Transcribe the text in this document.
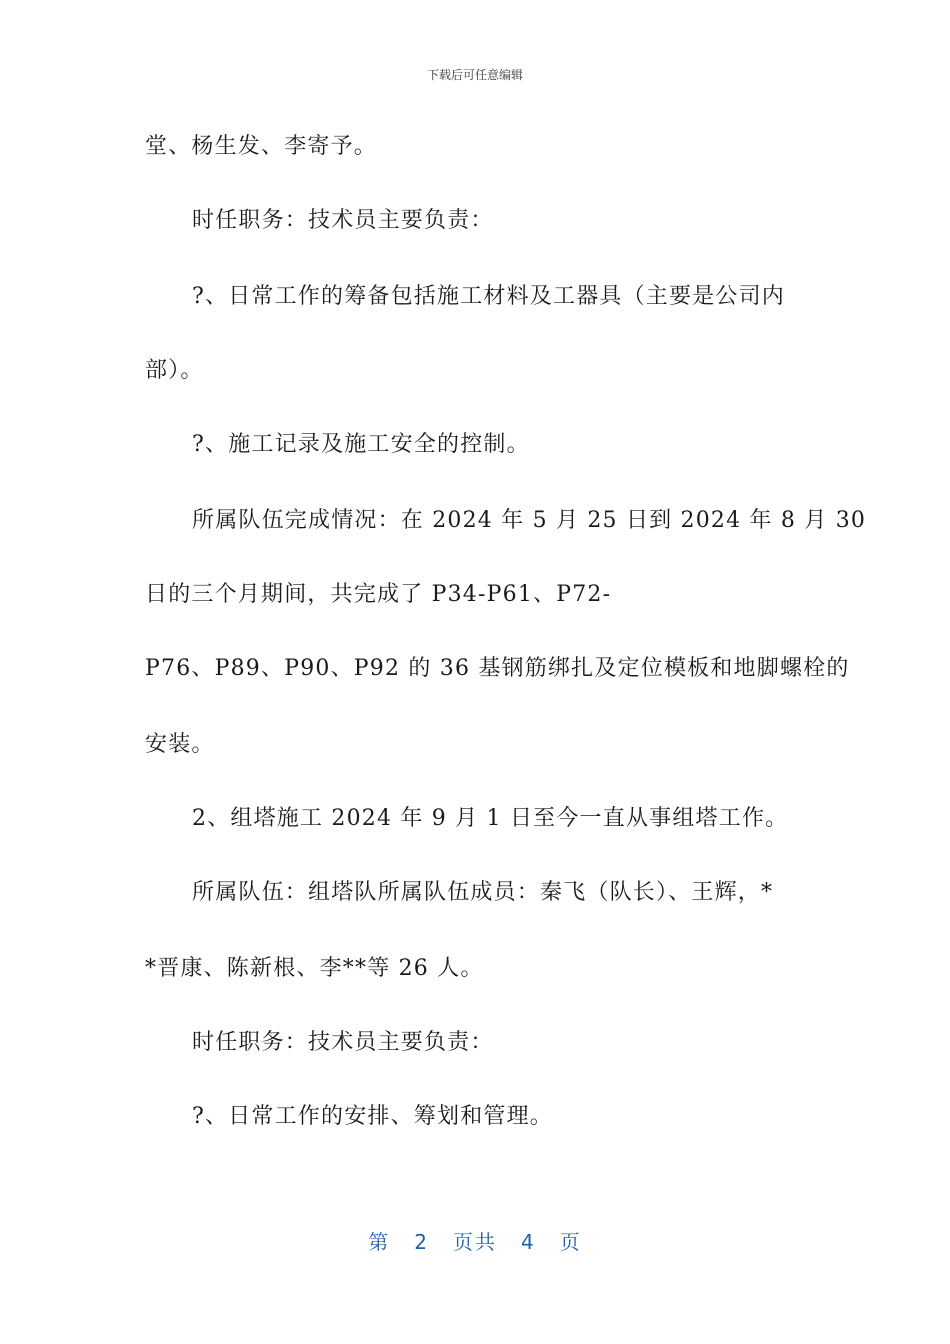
下载后可任意编辑
堂、杨生发、李寄予。
时任职务：技术员主要负责：
?、日常工作的筹备包括施工材料及工器具（主要是公司内
部）。
?、施工记录及施工安全的控制。
所属队伍完成情况：在 2024 年 5 月 25 日到 2024 年 8 月 30
日的三个月期间，共完成了 P34-P61、P72-
P76、P89、P90、P92 的 36 基钢筋绑扎及定位模板和地脚螺栓的
安装。
2、组塔施工 2024 年 9 月 1 日至今一直从事组塔工作。
所属队伍：组塔队所属队伍成员：秦飞（队长）、王辉，*
*晋康、陈新根、李**等 26 人。
时任职务：技术员主要负责：
?、日常工作的安排、筹划和管理。
第 2 页共 4 页
